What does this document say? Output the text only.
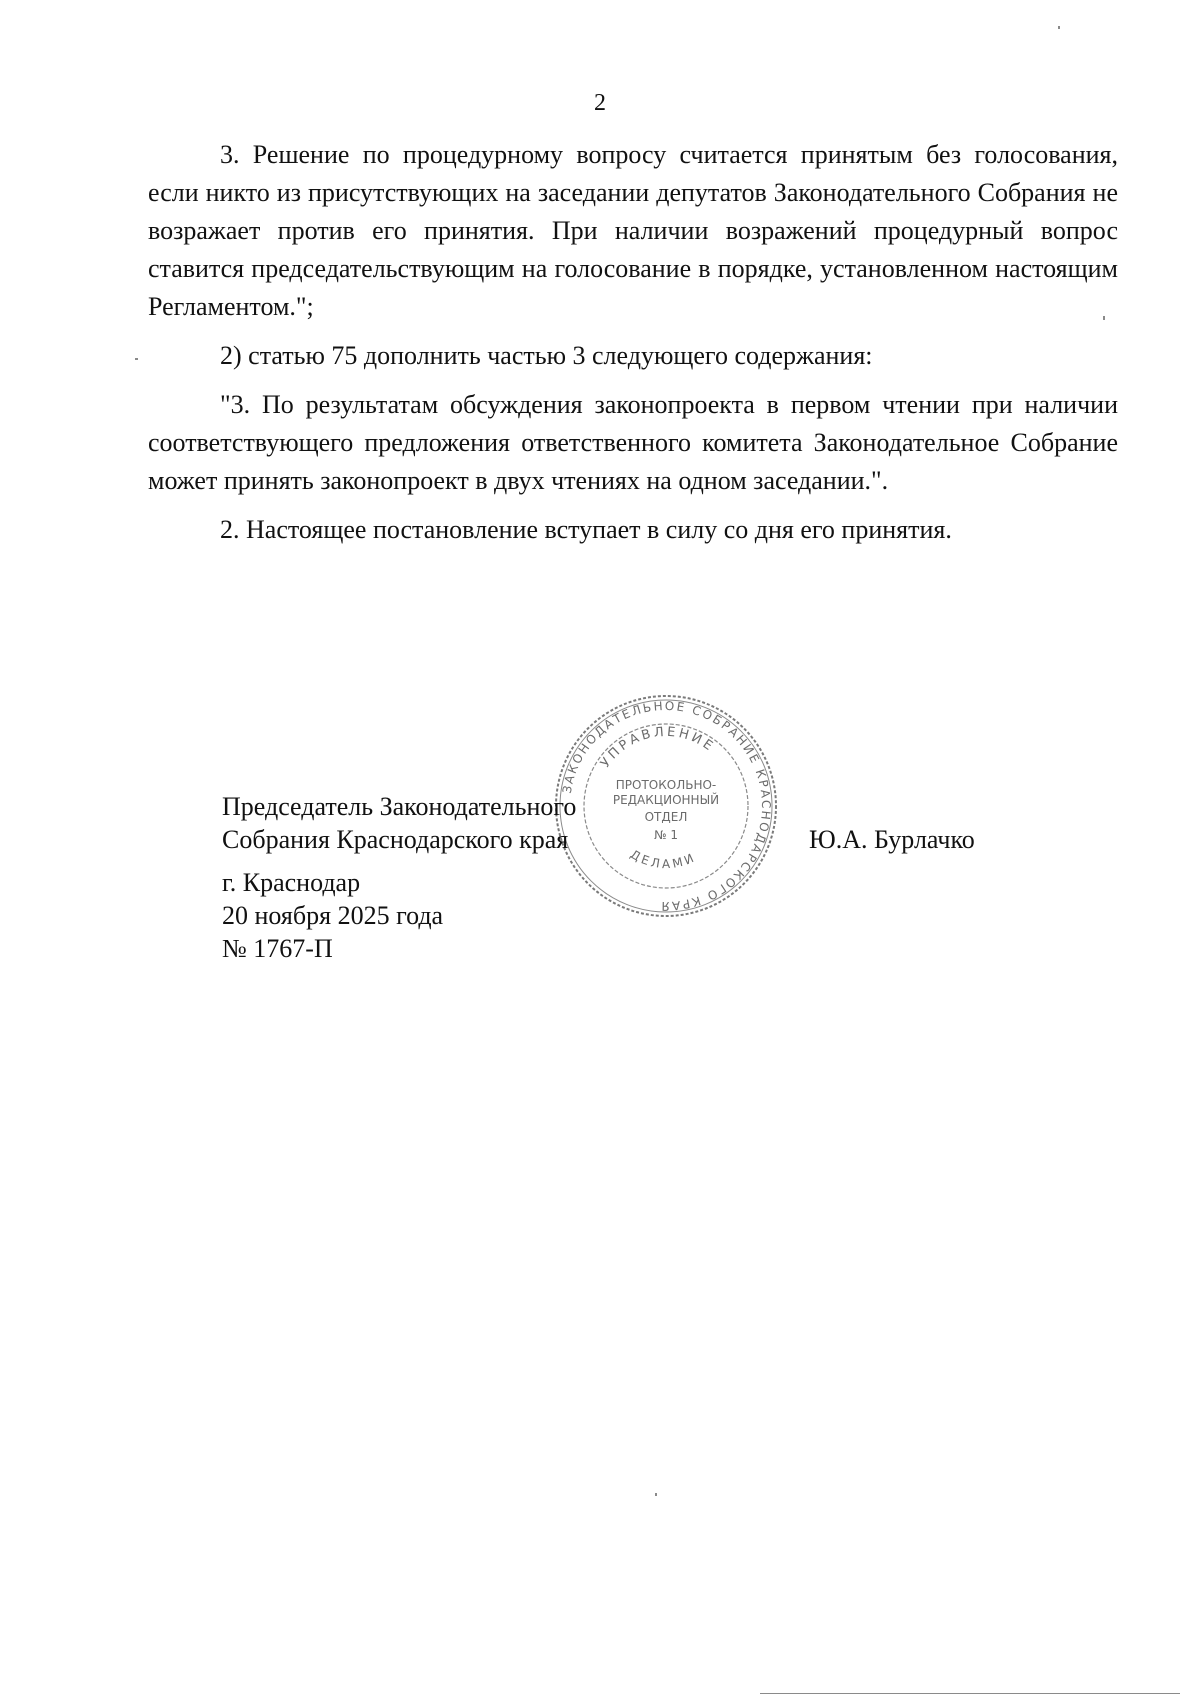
2

3. Решение по процедурному вопросу считается принятым без голосования, если никто из присутствующих на заседании депутатов Законодательного Собрания не возражает против его принятия. При наличии возражений процедурный вопрос ставится председательствующим на голосование в порядке, установленном настоящим Регламентом.";

2) статью 75 дополнить частью 3 следующего содержания:

"3. По результатам обсуждения законопроекта в первом чтении при наличии соответствующего предложения ответственного комитета Законодательное Собрание может принять законопроект в двух чтениях на одном заседании.".

2. Настоящее постановление вступает в силу со дня его принятия.

ЗАКОНОДАТЕЛЬНОЕ СОБРАНИЕ КРАСНОДАРСКОГО КРАЯ
УПРАВЛЕНИЕ
ДЕЛАМИ
ПРОТОКОЛЬНО-
РЕДАКЦИОННЫЙ
ОТДЕЛ
№ 1
Председатель Законодательного
Собрания Краснодарского края	Ю.А. Бурлачко
г. Краснодар
20 ноября 2025 года
№ 1767-П
